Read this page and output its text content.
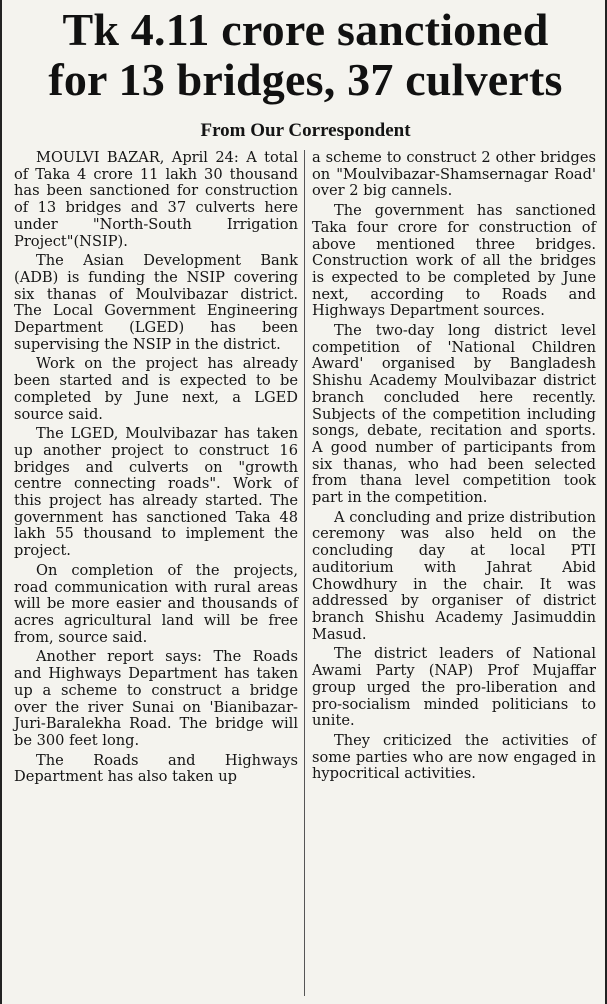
Tk 4.11 crore sanctioned
for 13 bridges, 37 culverts
From Our Correspondent

MOULVI BAZAR, April 24: A total of Taka 4 crore 11 lakh 30 thousand has been sanctioned for construction of 13 bridges and 37 culverts here under "North-South Irrigation Project"(NSIP).

The Asian Development Bank (ADB) is funding the NSIP covering six thanas of Moulvibazar district. The Local Government Engineering Department (LGED) has been supervising the NSIP in the district.

Work on the project has already been started and is expected to be completed by June next, a LGED source said.

The LGED, Moulvibazar has taken up another project to construct 16 bridges and culverts on "growth centre connecting roads". Work of this project has already started. The government has sanctioned Taka 48 lakh 55 thousand to implement the project.

On completion of the projects, road communication with rural areas will be more easier and thousands of acres agricultural land will be free from, source said.

Another report says: The Roads and Highways Department has taken up a scheme to construct a bridge over the river Sunai on 'Bianibazar-Juri-Baralekha Road. The bridge will be 300 feet long.

The Roads and Highways Department has also taken up

a scheme to construct 2 other bridges on "Moulvibazar-Shamsernagar Road' over 2 big cannels.

The government has sanctioned Taka four crore for construction of above mentioned three bridges. Construction work of all the bridges is expected to be completed by June next, according to Roads and Highways Department sources.

The two-day long district level competition of 'National Children Award' organised by Bangladesh Shishu Academy Moulvibazar district branch concluded here recently. Subjects of the competition including songs, debate, recitation and sports. A good number of participants from six thanas, who had been selected from thana level competition took part in the competition.

A concluding and prize distribution ceremony was also held on the concluding day at local PTI auditorium with Jahrat Abid Chowdhury in the chair. It was addressed by organiser of district branch Shishu Academy Jasimuddin Masud.

The district leaders of National Awami Party (NAP) Prof Mujaffar group urged the pro-liberation and pro-socialism minded politicians to unite.

They criticized the activities of some parties who are now engaged in hypocritical activities.
